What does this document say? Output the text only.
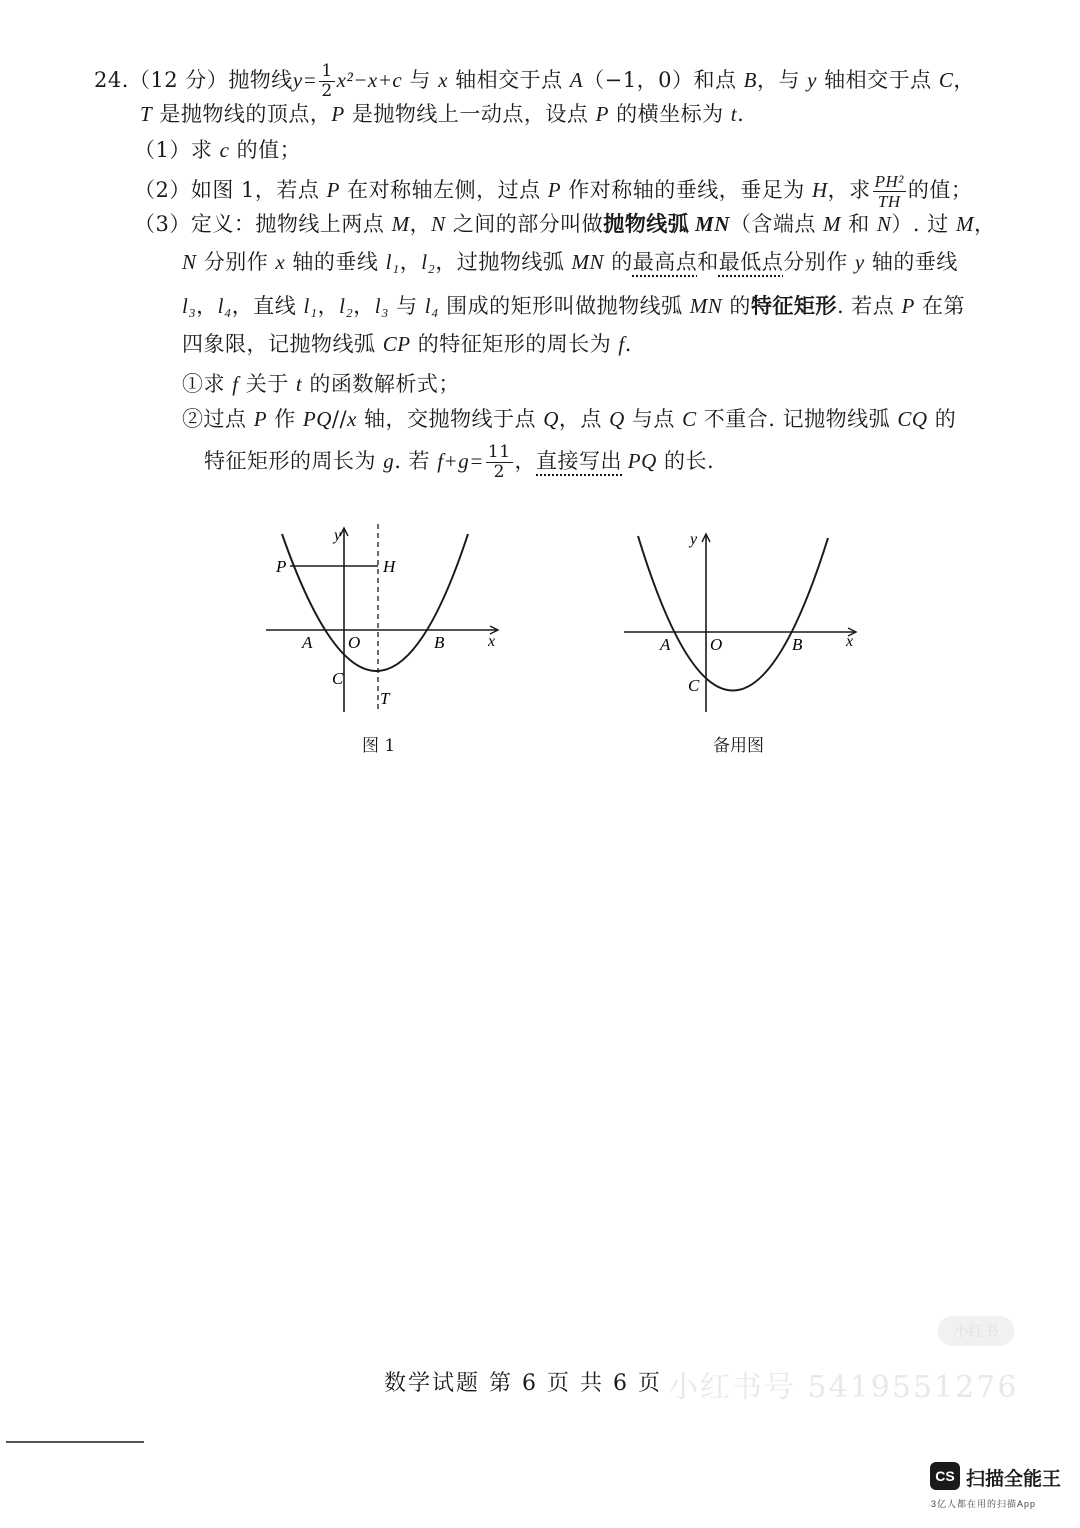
24.（12 分）抛物线$y= \frac{1}{2} x^2-x+c$ 与 x 轴相交于点 A（−1，0）和点 B，与 y 轴相交于点 C，
T 是抛物线的顶点，P 是抛物线上一动点，设点 P 的横坐标为 t.
（1）求 c 的值；
（2）如图 1，若点 P 在对称轴左侧，过点 P 作对称轴的垂线，垂足为 H，求 $\frac{\text{PH²}}{TH}$ 的值；
（3）定义：抛物线上两点 M，N 之间的部分叫做抛物线弧 MN（含端点 M 和 N）. 过 M，
N 分别作 x 轴的垂线 l₁，l₂，过抛物线弧 MN 的最高点和最低点分别作 y 轴的垂线
l₃，l₄，直线 l₁，l₂，l₃ 与 l₄ 围成的矩形叫做抛物线弧 MN 的特征矩形. 若点 P 在第
四象限，记抛物线弧 CP 的特征矩形的周长为 f.
①求 f 关于 t 的函数解析式；
②过点 P 作 PQ//x 轴，交抛物线于点 Q，点 Q 与点 C 不重合. 记抛物线弧 CQ 的
特征矩形的周长为 g. 若 $f+g= \frac{11}{2}$ ，直接写出 PQ 的长.
y
x
P	H
A O	B
C
T
图 1
y
x
A O	B
C
备用图
数学试题 第 6 页 共 6 页
小红书
小红书号 5419551276
CS 扫描全能王
3亿人都在用的扫描App
